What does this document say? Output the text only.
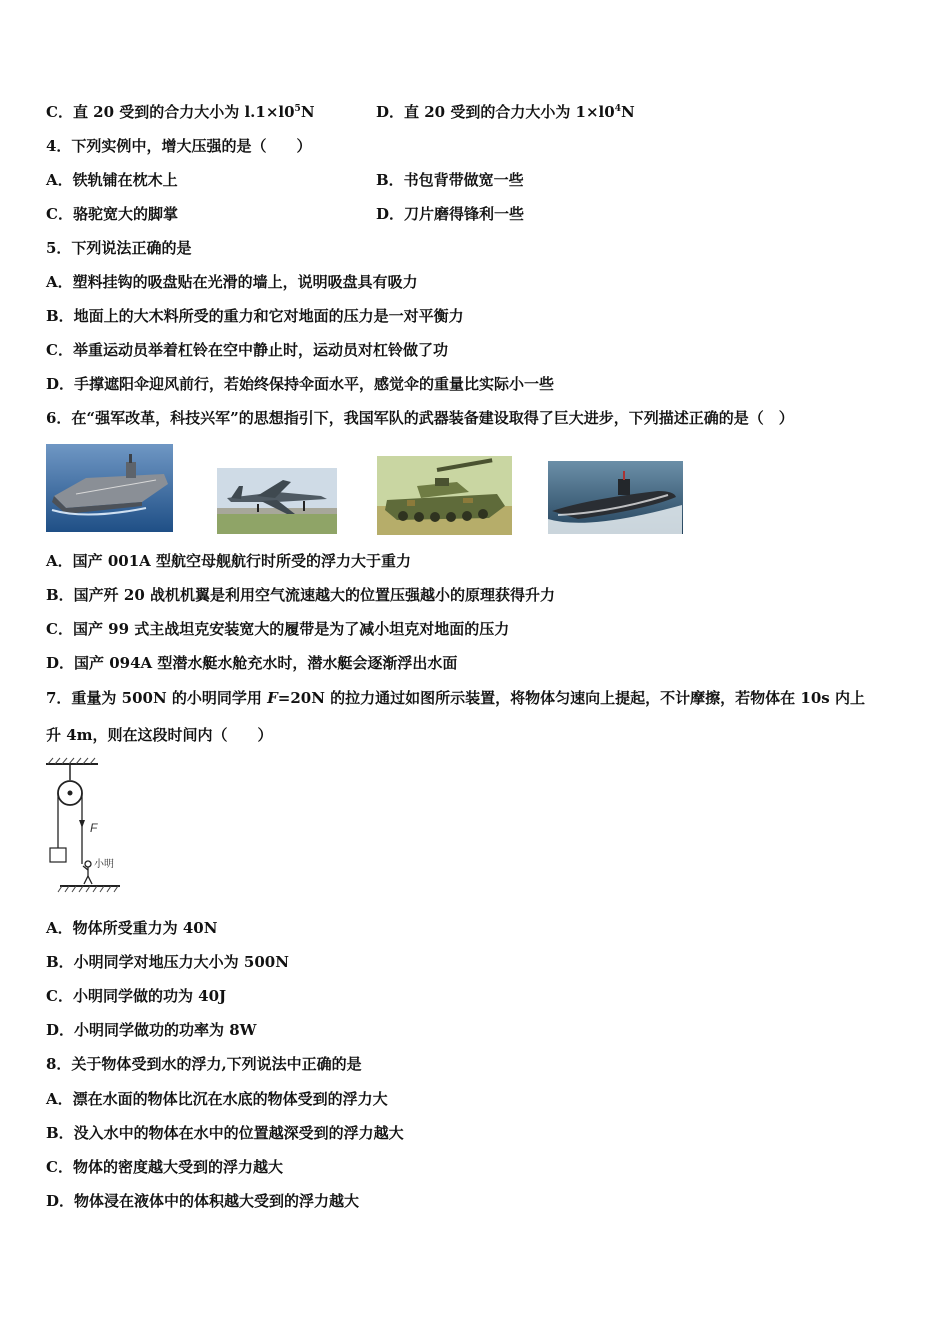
C．直 20 受到的合力大小为 $l.1\times l0^5N$	D．直 20 受到的合力大小为 $1\times l0^4N$
4．下列实例中，增大压强的是（　　）
A．铁轨铺在枕木上	B．书包背带做宽一些
C．骆驼宽大的脚掌	D．刀片磨得锋利一些
5．下列说法正确的是
A．塑料挂钩的吸盘贴在光滑的墙上，说明吸盘具有吸力
B．地面上的大木料所受的重力和它对地面的压力是一对平衡力
C．举重运动员举着杠铃在空中静止时，运动员对杠铃做了功
D．手撑遮阳伞迎风前行，若始终保持伞面水平，感觉伞的重量比实际小一些
6．在“强军改革，科技兴军”的思想指引下，我国军队的武器装备建设取得了巨大进步，下列描述正确的是（　）
A．国产 001A 型航空母舰航行时所受的浮力大于重力
B．国产歼 20 战机机翼是利用空气流速越大的位置压强越小的原理获得升力
C．国产 99 式主战坦克安装宽大的履带是为了减小坦克对地面的压力
D．国产 094A 型潜水艇水舱充水时，潜水艇会逐渐浮出水面
7．重量为 500N 的小明同学用 F=20N 的拉力通过如图所示装置，将物体匀速向上提起，不计摩擦，若物体在 10s 内上
升 4m，则在这段时间内（　　）
F
小明
A．物体所受重力为 40N
B．小明同学对地压力大小为 500N
C．小明同学做的功为 40J
D．小明同学做功的功率为 8W
8．关于物体受到水的浮力,下列说法中正确的是
A．漂在水面的物体比沉在水底的物体受到的浮力大
B．没入水中的物体在水中的位置越深受到的浮力越大
C．物体的密度越大受到的浮力越大
D．物体浸在液体中的体积越大受到的浮力越大
